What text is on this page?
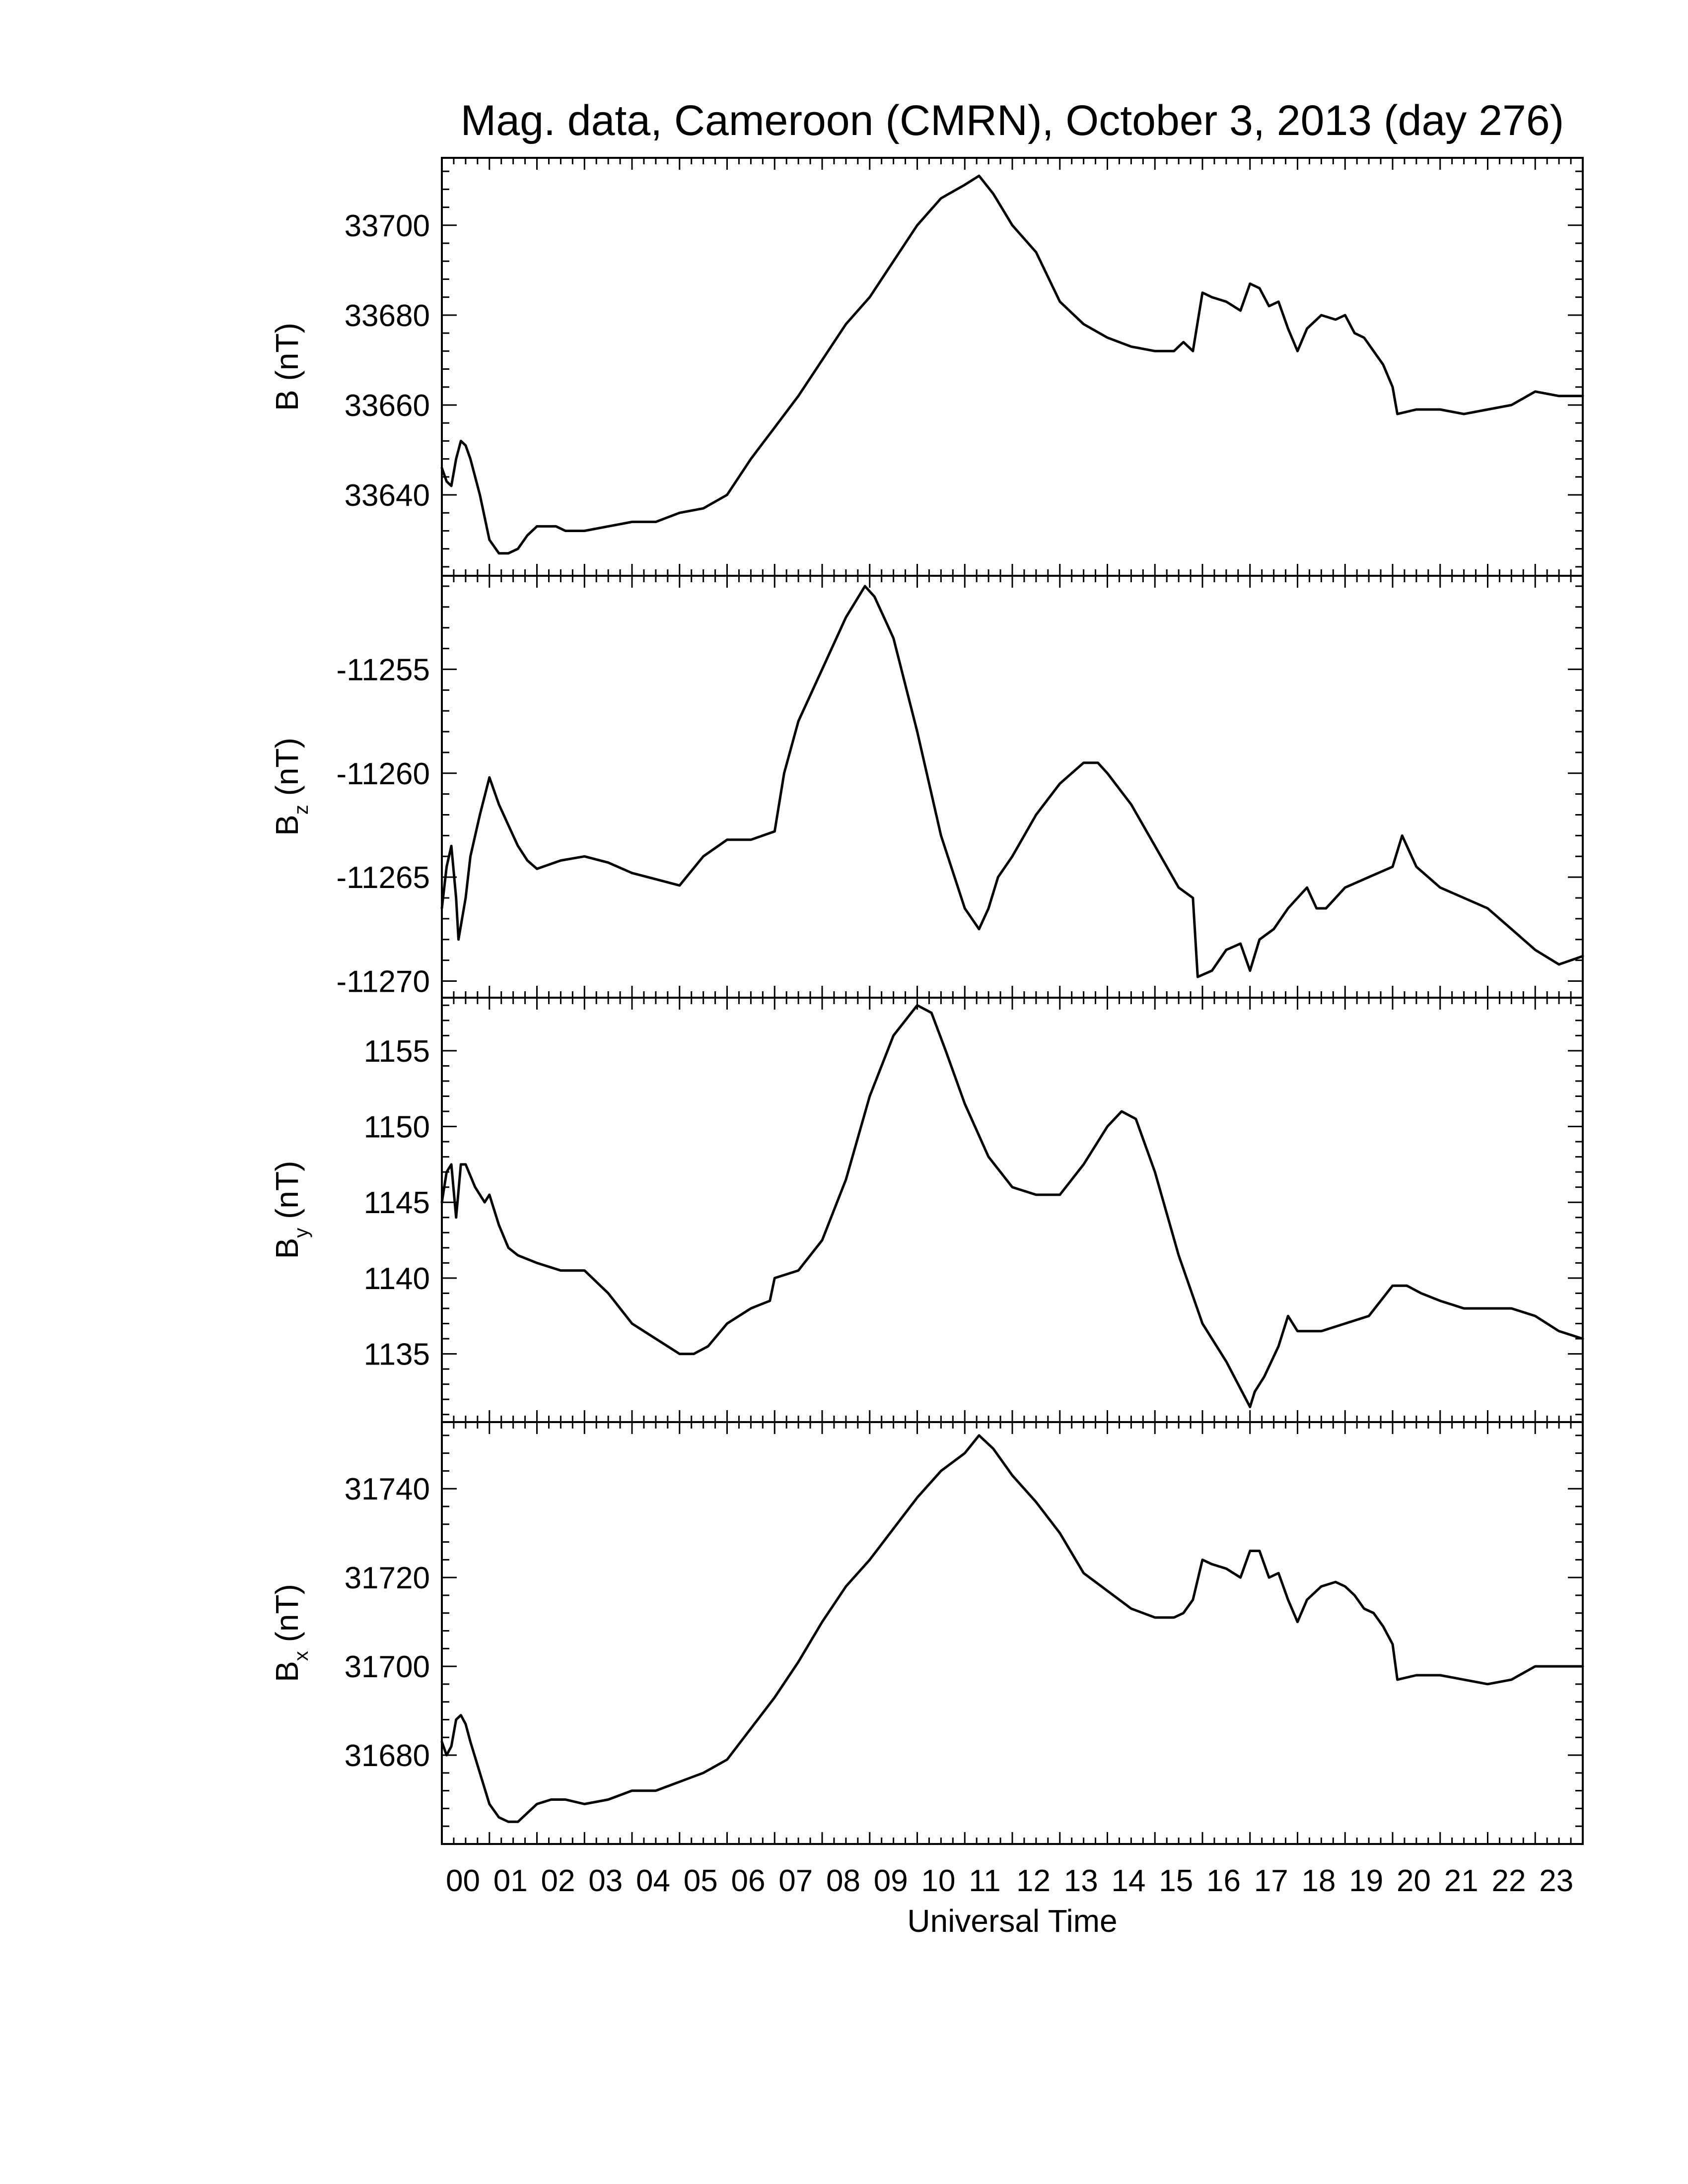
Mag. data, Cameroon (CMRN), October 3, 2013 (day 276)
33640
33660
33680
33700
B (nT)
-11255
-11260
-11265
-11270
$B_z$ (nT)
1135
1140
1145
1150
1155
$B_y$ (nT)
31680
31700
31720
31740
$B_x$ (nT)
00 01 02 03 04 05 06 07 08 09 10 11 12 13 14 15 16 17 18 19 20 21 22 23
Universal Time
